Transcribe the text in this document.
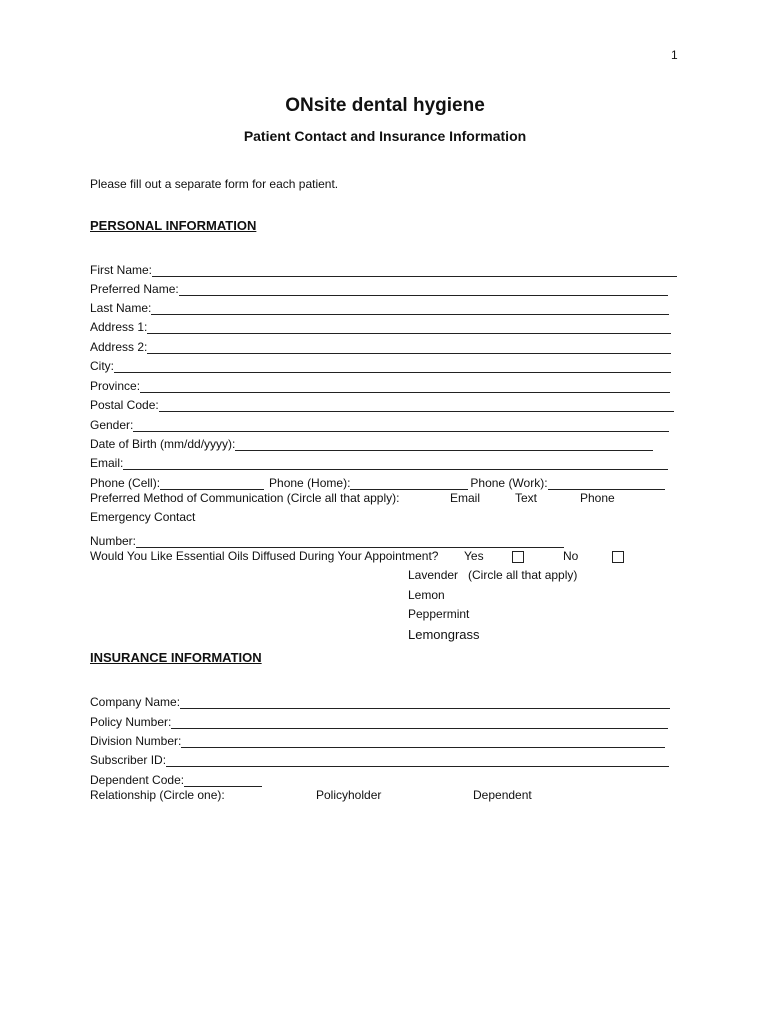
1
ONsite dental hygiene
Patient Contact and Insurance Information
Please fill out a separate form for each patient.
PERSONAL INFORMATION
First Name:
Preferred Name:
Last Name:
Address 1:
Address 2:
City:
Province:
Postal Code:
Gender:
Date of Birth (mm/dd/yyyy):
Email:
Phone (Cell):	Phone (Home):	Phone (Work):
Preferred Method of Communication (Circle all that apply):	Email	Text	Phone
Emergency Contact
Number:
Would You Like Essential Oils Diffused During Your Appointment? Yes	No
Lavender (Circle all that apply)
Lemon
Peppermint
Lemongrass
INSURANCE INFORMATION
Company Name:
Policy Number:
Division Number:
Subscriber ID:
Dependent Code:
Relationship (Circle one):	Policyholder	Dependent
